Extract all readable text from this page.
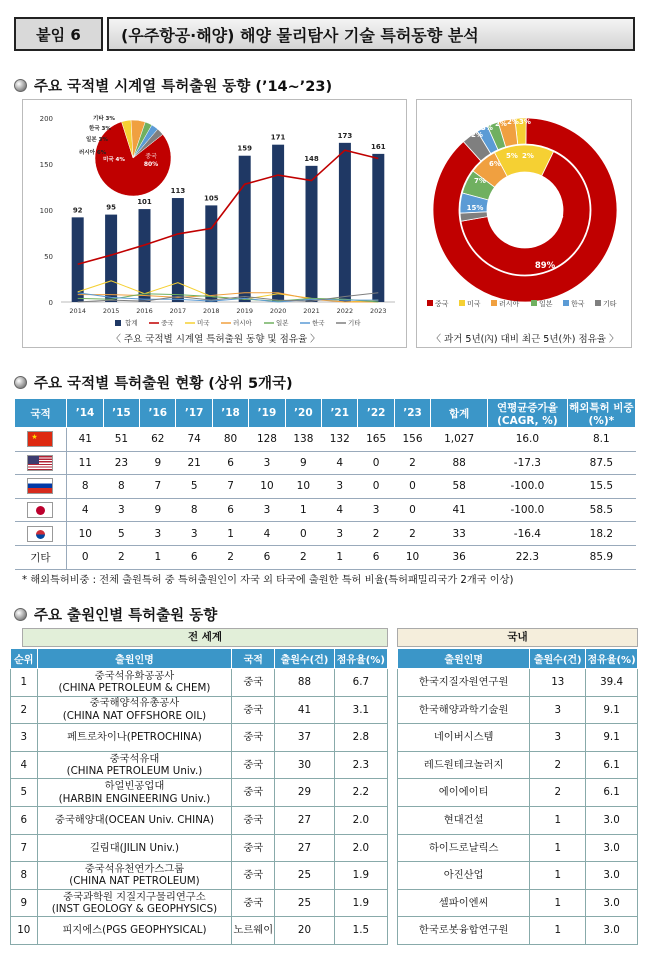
붙임 6	(우주항공·해양) 해양 물리탐사 기술 특허동향 분석
주요 국적별 시계열 특허출원 동향 (’14~’23)
0
50
100
150
200
92
2014
95
2015
101
2016
113
2017
105
2018
159
2019
171
2020
148
2021
173
2022
161
2023
합계	중국	미국	러시아	일본	한국	기타
중국
80%
미국 4%
러시아 6%
일본 3%
한국 3%
기타 3%
〈 주요 국적별 시계열 특허출원 동향 및 점유율 〉
65%
15%
7%
6%
5% 2%
89%
2%
3% 2% 2% 3%
중국	미국	러시아	일본	한국	기타
〈 과거 5년(內) 대비 최근 5년(外) 점유율 〉
주요 국적별 특허출원 현황 (상위 5개국)
국적	’14	’15	’16	’17	’18	’19	’20	’21	’22	’23	합계	연평균증가율 (CAGR, %)	해외특허 비중(%)*

★	41	51	62	74	80	128	138	132	165	156	1,027	16.0	8.1

	11	23	9	21	6	3	9	4	0	2	88	-17.3	87.5
	8	8	7	5	7	10	10	3	0	0	58	-100.0	15.5

	4	3	9	8	6	3	1	4	3	0	41	-100.0	58.5

	10	5	3	3	1	4	0	3	2	2	33	-16.4	18.2
기타	0	2	1	6	2	6	2	1	6	10	36	22.3	85.9
* 해외특허비중 : 전체 출원특허 중 특허출원인이 자국 외 타국에 출원한 특허 비율(특허패밀리국가 2개국 이상)
주요 출원인별 특허출원 동향
전 세계	국내
순위	출원인명	국적	출원수(건)	점유율(%)
1	중국석유화공공사
(CHINA PETROLEUM & CHEM)	중국	88	6.7
2	중국해양석유총공사
(CHINA NAT OFFSHORE OIL)	중국	41	3.1
3	페트로차이나(PETROCHINA)	중국	37	2.8
4	중국석유대
(CHINA PETROLEUM Univ.)	중국	30	2.3
5	하얼빈공업대
(HARBIN ENGINEERING Univ.)	중국	29	2.2
6	중국해양대(OCEAN Univ. CHINA)	중국	27	2.0
7	길림대(JILIN Univ.)	중국	27	2.0
8	중국석유천연가스그룹
(CHINA NAT PETROLEUM)	중국	25	1.9
9	중국과학원 지질지구물리연구소
(INST GEOLOGY & GEOPHYSICS)	중국	25	1.9
10	피지에스(PGS GEOPHYSICAL)	노르웨이	20	1.5
출원인명	출원수(건)	점유율(%)
한국지질자원연구원	13	39.4
한국해양과학기술원	3	9.1
네이버시스템	3	9.1
레드원테크놀러지	2	6.1
에이에이티	2	6.1
현대건설	1	3.0
하이드로날릭스	1	3.0
아진산업	1	3.0
셀파이엔씨	1	3.0
한국로봇융합연구원	1	3.0
